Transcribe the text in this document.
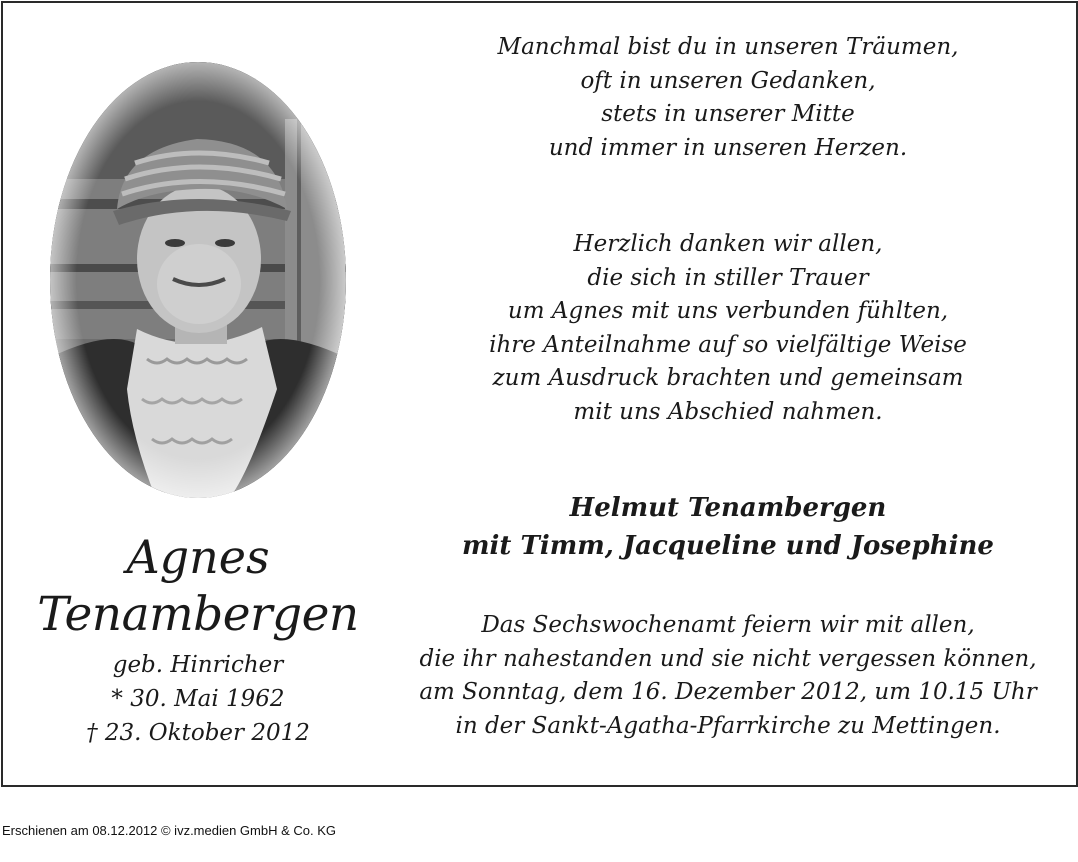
Agnes
Tenambergen
geb. Hinricher
* 30. Mai 1962
† 23. Oktober 2012

Manchmal bist du in unseren Träumen,

oft in unseren Gedanken,

stets in unserer Mitte

und immer in unseren Herzen.

Herzlich danken wir allen,

die sich in stiller Trauer

um Agnes mit uns verbunden fühlten,

ihre Anteilnahme auf so vielfältige Weise

zum Ausdruck brachten und gemeinsam

mit uns Abschied nahmen.

Helmut Tenambergen

mit Timm, Jacqueline und Josephine

Das Sechswochenamt feiern wir mit allen,

die ihr nahestanden und sie nicht vergessen können,

am Sonntag, dem 16. Dezember 2012, um 10.15 Uhr

in der Sankt-Agatha-Pfarrkirche zu Mettingen.

Erschienen am 08.12.2012 © ivz.medien GmbH & Co. KG
